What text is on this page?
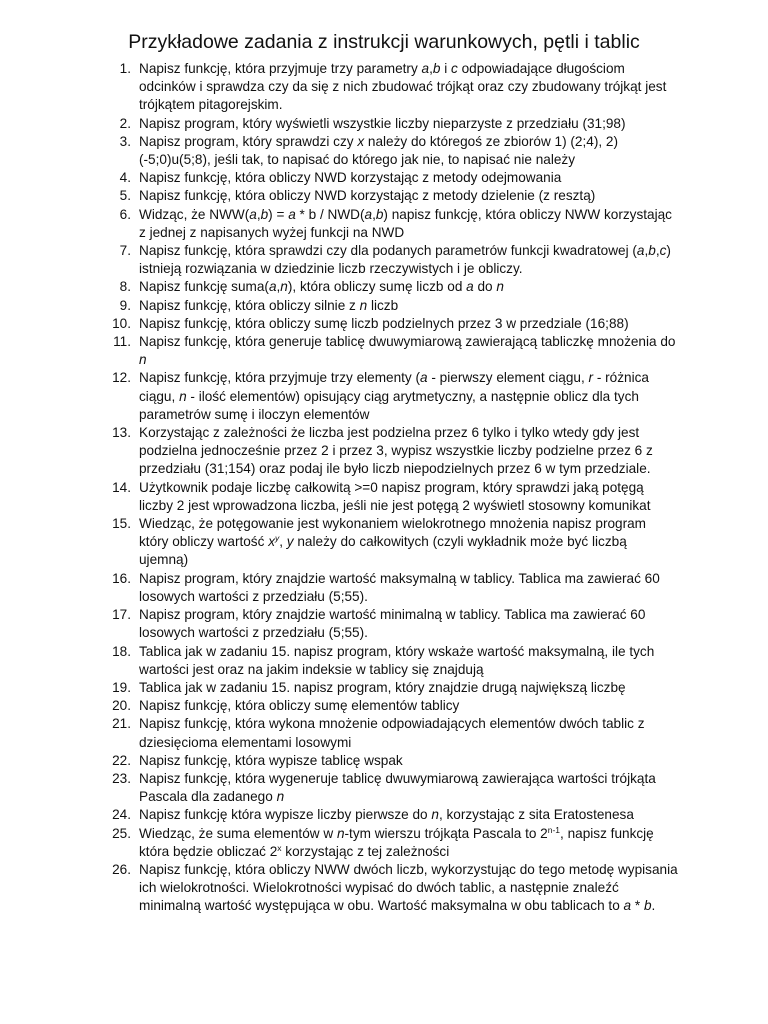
Przykładowe zadania z instrukcji warunkowych, pętli i tablic
1. Napisz funkcję, która przyjmuje trzy parametry a,b i c odpowiadające długościom odcinków i sprawdza czy da się z nich zbudować trójkąt oraz czy zbudowany trójkąt jest trójkątem pitagorejskim.
2. Napisz program, który wyświetli wszystkie liczby nieparzyste z przedziału (31;98)
3. Napisz program, który sprawdzi czy x należy do któregoś ze zbiorów 1) (2;4), 2) (-5;0)u(5;8), jeśli tak, to napisać do którego jak nie, to napisać nie należy
4. Napisz funkcję, która obliczy NWD korzystając z metody odejmowania
5. Napisz funkcję, która obliczy NWD korzystając z metody dzielenie (z resztą)
6. Widząc, że NWW(a,b) = a * b / NWD(a,b) napisz funkcję, która obliczy NWW korzystając z jednej z napisanych wyżej funkcji na NWD
7. Napisz funkcję, która sprawdzi czy dla podanych parametrów funkcji kwadratowej (a,b,c) istnieją rozwiązania w dziedzinie liczb rzeczywistych i je obliczy.
8. Napisz funkcję suma(a,n), która obliczy sumę liczb od a do n
9. Napisz funkcję, która obliczy silnie z n liczb
10. Napisz funkcję, która obliczy sumę liczb podzielnych przez 3 w przedziale (16;88)
11. Napisz funkcję, która generuje tablicę dwuwymiarową zawierającą tabliczkę mnożenia do n
12. Napisz funkcję, która przyjmuje trzy elementy (a - pierwszy element ciągu, r - różnica ciągu, n - ilość elementów) opisujący ciąg arytmetyczny, a następnie oblicz dla tych parametrów sumę i iloczyn elementów
13. Korzystając z zależności że liczba jest podzielna przez 6 tylko i tylko wtedy gdy jest podzielna jednocześnie przez 2 i przez 3, wypisz wszystkie liczby podzielne przez 6 z przedziału (31;154) oraz podaj ile było liczb niepodzielnych przez 6 w tym przedziale.
14. Użytkownik podaje liczbę całkowitą >=0 napisz program, który sprawdzi jaką potęgą liczby 2 jest wprowadzona liczba, jeśli nie jest potęgą 2 wyświetl stosowny komunikat
15. Wiedząc, że potęgowanie jest wykonaniem wielokrotnego mnożenia napisz program który obliczy wartość $x^y$, y należy do całkowitych (czyli wykładnik może być liczbą ujemną)
16. Napisz program, który znajdzie wartość maksymalną w tablicy. Tablica ma zawierać 60 losowych wartości z przedziału (5;55).
17. Napisz program, który znajdzie wartość minimalną w tablicy. Tablica ma zawierać 60 losowych wartości z przedziału (5;55).
18. Tablica jak w zadaniu 15. napisz program, który wskaże wartość maksymalną, ile tych wartości jest oraz na jakim indeksie w tablicy się znajdują
19. Tablica jak w zadaniu 15. napisz program, który znajdzie drugą największą liczbę
20. Napisz funkcję, która obliczy sumę elementów tablicy
21. Napisz funkcję, która wykona mnożenie odpowiadających elementów dwóch tablic z dziesięcioma elementami losowymi
22. Napisz funkcję, która wypisze tablicę wspak
23. Napisz funkcję, która wygeneruje tablicę dwuwymiarową zawierająca wartości trójkąta Pascala dla zadanego n
24. Napisz funkcję która wypisze liczby pierwsze do n, korzystając z sita Eratostenesa
25. Wiedząc, że suma elementów w n-tym wierszu trójkąta Pascala to 2$^{n-1}$, napisz funkcję która będzie obliczać 2$^x$ korzystając z tej zależności
26. Napisz funkcję, która obliczy NWW dwóch liczb, wykorzystując do tego metodę wypisania ich wielokrotności. Wielokrotności wypisać do dwóch tablic, a następnie znaleźć minimalną wartość występująca w obu. Wartość maksymalna w obu tablicach to a * b.
